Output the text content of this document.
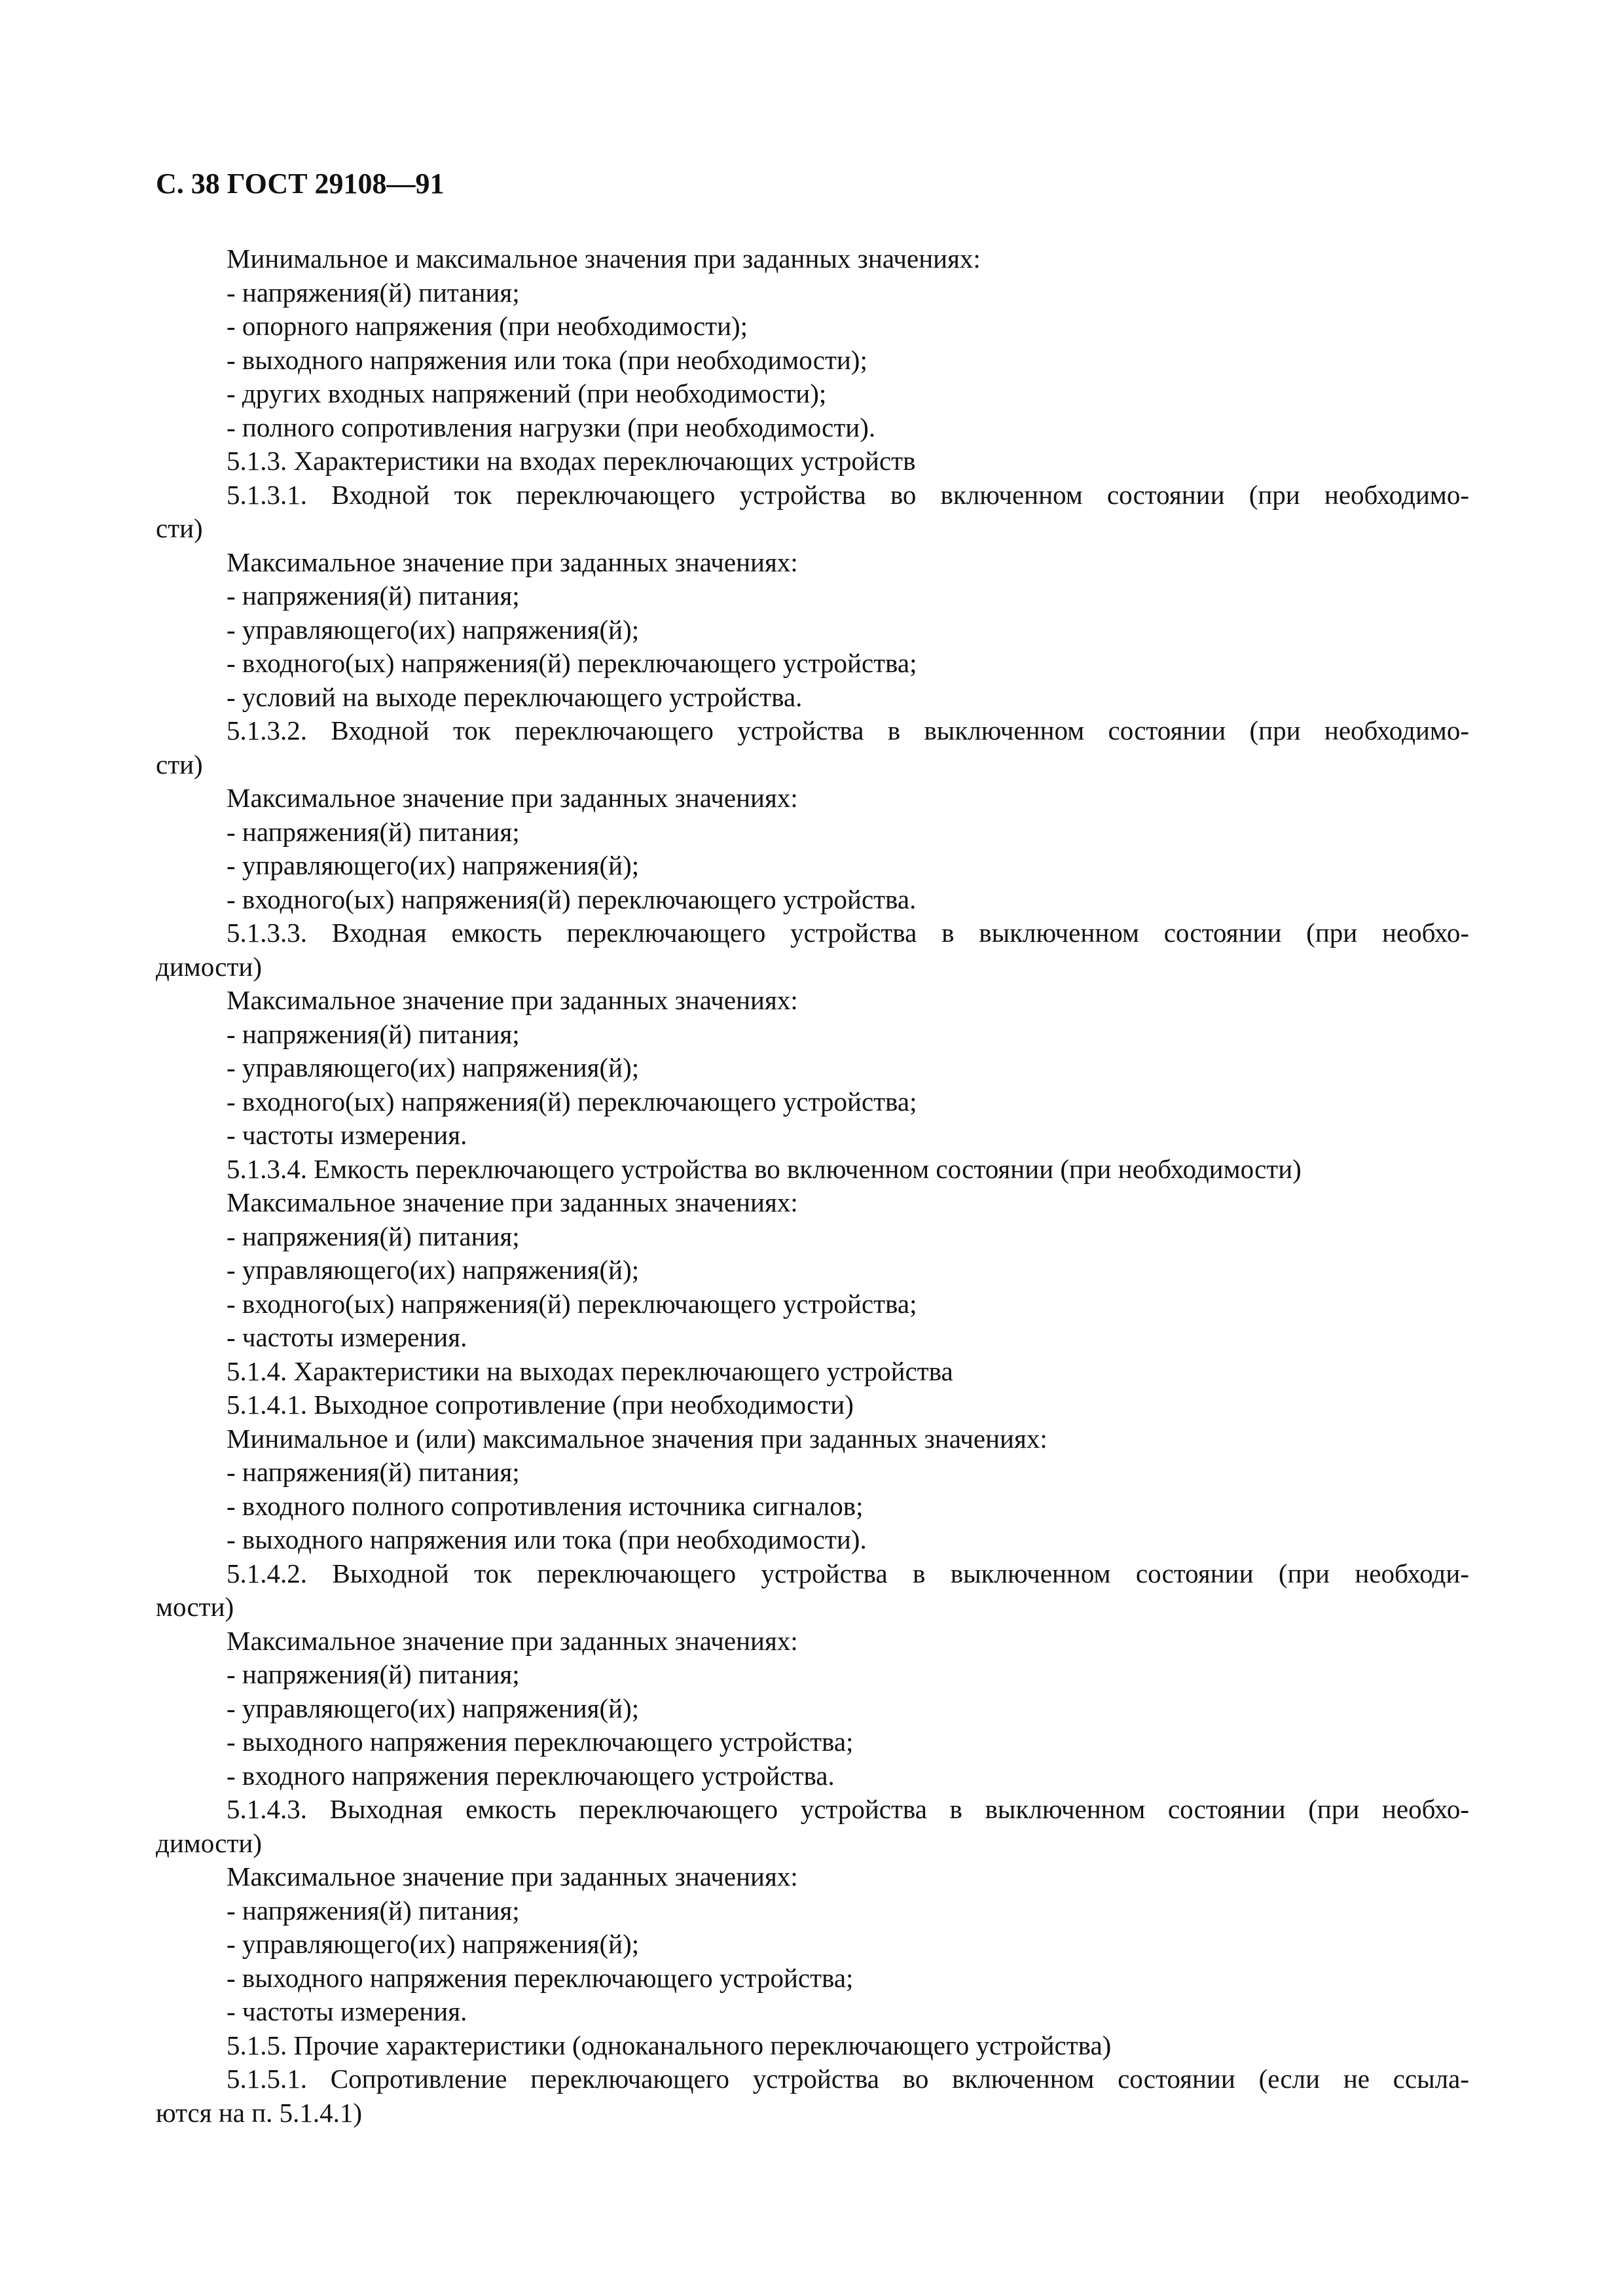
С. 38 ГОСТ 29108—91
Минимальное и максимальное значения при заданных значениях:
- напряжения(й) питания;
- опорного напряжения (при необходимости);
- выходного напряжения или тока (при необходимости);
- других входных напряжений (при необходимости);
- полного сопротивления нагрузки (при необходимости).
5.1.3. Характеристики на входах переключающих устройств
5.1.3.1. Входной ток переключающего устройства во включенном состоянии (при необходимо-
сти)
Максимальное значение при заданных значениях:
- напряжения(й) питания;
- управляющего(их) напряжения(й);
- входного(ых) напряжения(й) переключающего устройства;
- условий на выходе переключающего устройства.
5.1.3.2. Входной ток переключающего устройства в выключенном состоянии (при необходимо-
сти)
Максимальное значение при заданных значениях:
- напряжения(й) питания;
- управляющего(их) напряжения(й);
- входного(ых) напряжения(й) переключающего устройства.
5.1.3.3. Входная емкость переключающего устройства в выключенном состоянии (при необхо-
димости)
Максимальное значение при заданных значениях:
- напряжения(й) питания;
- управляющего(их) напряжения(й);
- входного(ых) напряжения(й) переключающего устройства;
- частоты измерения.
5.1.3.4. Емкость переключающего устройства во включенном состоянии (при необходимости)
Максимальное значение при заданных значениях:
- напряжения(й) питания;
- управляющего(их) напряжения(й);
- входного(ых) напряжения(й) переключающего устройства;
- частоты измерения.
5.1.4. Характеристики на выходах переключающего устройства
5.1.4.1. Выходное сопротивление (при необходимости)
Минимальное и (или) максимальное значения при заданных значениях:
- напряжения(й) питания;
- входного полного сопротивления источника сигналов;
- выходного напряжения или тока (при необходимости).
5.1.4.2. Выходной ток переключающего устройства в выключенном состоянии (при необходи-
мости)
Максимальное значение при заданных значениях:
- напряжения(й) питания;
- управляющего(их) напряжения(й);
- выходного напряжения переключающего устройства;
- входного напряжения переключающего устройства.
5.1.4.3. Выходная емкость переключающего устройства в выключенном состоянии (при необхо-
димости)
Максимальное значение при заданных значениях:
- напряжения(й) питания;
- управляющего(их) напряжения(й);
- выходного напряжения переключающего устройства;
- частоты измерения.
5.1.5. Прочие характеристики (одноканального переключающего устройства)
5.1.5.1. Сопротивление переключающего устройства во включенном состоянии (если не ссыла-
ются на п. 5.1.4.1)
